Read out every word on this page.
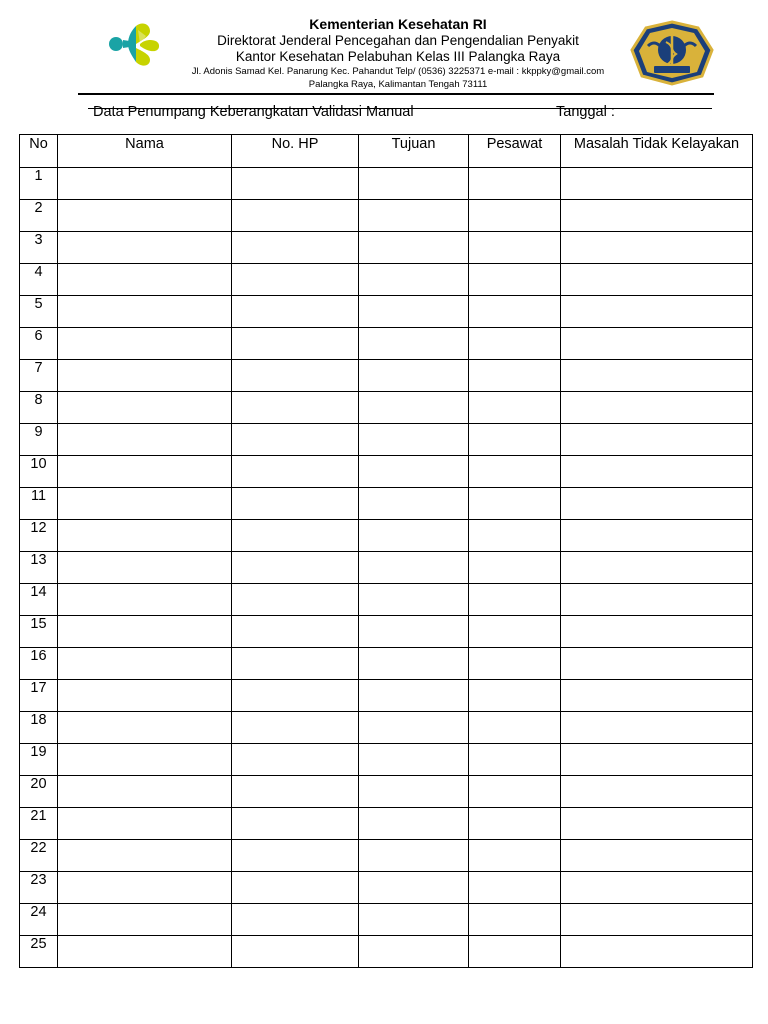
Kementerian Kesehatan RI
Direktorat Jenderal Pencegahan dan Pengendalian Penyakit
Kantor Kesehatan Pelabuhan Kelas III Palangka Raya
Jl. Adonis Samad Kel. Panarung Kec. Pahandut Telp/ (0536) 3225371 e-mail : kkppky@gmail.com
Palangka Raya, Kalimantan Tengah 73111
Data Penumpang Keberangkatan Validasi Manual	Tanggal :
No	Nama	No. HP	Tujuan	Pesawat	Masalah Tidak Kelayakan
1					
2					
3					
4					
5					
6					
7					
8					
9					
10					
11					
12					
13					
14					
15					
16					
17					
18					
19					
20					
21					
22					
23					
24					
25					
